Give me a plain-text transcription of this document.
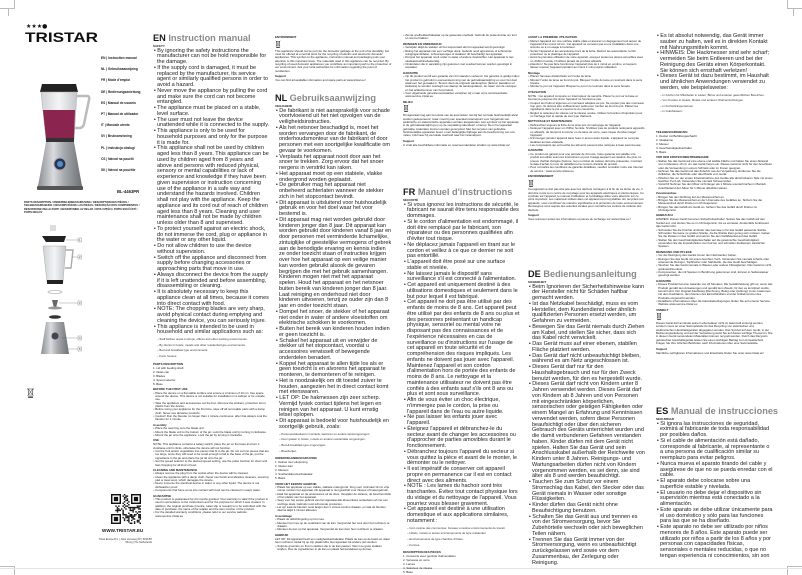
★★★●
TRISTAR
EN | Instruction manual
NL | Gebruiksaanwijzing
FR | Mode d'emploi
DE | Bedienungsanleitung
ES | Manual de usuario
PT | Manual de utilizador
IT | Manuale utente
SV | Bruksanvisning
PL | Instrukcja obsługi
CS | Návod na použití
SK | Návod na použitie
BL-4463PR
PARTS DESCRIPTION / ONDERDELENBESCHRIJVING / DESCRIPTION DES PIÈCES / TEILEBESCHREIBUNG / DESCRIPCIÓN DE LAS PIEZAS / DESCRIÇÃO DOS COMPONENTES / DESCRIZIONE DELLE PARTI / BESKRIVNING AV DELAR / OPIS CZĘŚCI / POPIS SOUČÁSTÍ / POPIS DIELOV
1
2
3
4
5
WWW.TRISTAR.EU
Tristar Europe B.V. | Jules Verneweg 87 | 5015 BH Tilburg | The Netherlands
EN Instruction manual
SAFETY
• By ignoring the safety instructions the manufacturer can not be hold responsible for the damage.
• If the supply cord is damaged, it must be replaced by the manufacturer, its service agent or similarly qualified persons in order to avoid a hazard.
• Never move the appliance by pulling the cord and make sure the cord can not become entangled.
• The appliance must be placed on a stable, level surface.
• The user must not leave the device unattended while it is connected to the supply.
• This appliance is only to be used for household purposes and only for the purpose it is made for.
• This appliance shall not be used by children aged less than 8 years. This appliance can be used by children aged from 8 years and above and persons with reduced physical, sensory or mental capabilities or lack of experience and knowledge if they have been given supervision or instruction concerning use of the appliance in a safe way and understand the hazards involved. Children shall not play with the appliance. Keep the appliance and its cord out of reach of children aged less than 8 years. Cleaning and user maintenance shall not be made by children unless older than 8 and supervised.
• To protect yourself against an electric shock, do not immerse the cord, plug or appliance in the water or any other liquid.
• Do not allow children to use the device without supervision.
• Switch off the appliance and disconnect from supply before changing accessories or approaching parts that move in use.
• Always disconnect the device from the supply if it is left unattended and before assembling, disassembling or cleaning.
• It is absolutely necessary to keep this appliance clean at all times, because it comes into direct contact with food.
• NOTE: The chopping blades are very sharp, avoid physical contact during emptying and cleaning the device, you can seriously injure.
• This appliance is intended to be used in household and similar applications such as:
– Staff kitchen areas in shops, offices and other working environments.
– By clients in hotels, motels and other residential type environments.
– Bed and breakfast type environments.
– Farm houses.
PARTS DESCRIPTION
1. Lid with feeding shaft
2. Glass can
3. Blades
4. Speed selector
5. Base
BEFORE THE FIRST USE
• Place the device on a flat stable surface and ensure a minimum of 10 cm. free space around the device. This device is not suitable for installation in a cabinet or for outside use.
• Take the appliance and accessories out the box. Remove the stickers, protective foil or plastic from the device.
• Before using your appliance for the first time, wipe off all removable parts with a damp cloth. Never use abrasive products.
• Caution! Run the blender no longer than 1 minute continuous, after that always cool the blender for 1 minute.
Assembly
• Place the seal ring onto the blade unit.
• Mount the blade unit to the bottom of the jar. Lock the blade unit by turning it clockwise.
• Mount the jar onto the appliance. Lock the jar by turning it clockwise.
USE
NOTE: This appliance contains a safety switch, place the jar on the base and turn it clockwise until it clicks, otherwise the device will not function.
• Cut the fruit and/or vegetables into pieces that fit in the jar. Do not cut into pieces that are too large, since they will need to be small enough to fall to the base of the jar, put the ingredients in the jar and place the jar lid onto the jar.
• Set the speed selector to the desired speed setting, use the pulse function for short and fast chopping for all kind of food.
CLEANING AND MAINTENANCE
• Always remove the plug from the socket when the device will be cleaned.
• Clean the appliance with a damp cloth. Never use harsh and abrasive cleaners, scouring pad or steel wool, which damages the device.
• Never immerse the electrical device in water or any other liquid. The device is not dishwasher proof.
• Components that have come into contact with food can be cleaned in soapy water.
GUARANTEE
• This product is guaranteed for 24 months granted. Your warranty is valid if the product is used in accordance to the instructions and for the purpose for which it was created. In addition, the original purchase (invoice, sales slip or receipt) is to be submitted with the date of purchase, the name of the retailer and the item number of the product.
• For the detailed warranty conditions, please refer to our service website: www.service.tristar.eu
ENVIRONMENT
This appliance should not be put into the domestic garbage at the end of its durability, but must be offered at a central point for the recycling of electric and electronic domestic appliances. This symbol on the appliance, instruction manual and packaging puts your attention to this important issue. The materials used in this appliance can be recycled. By recycling of used domestic appliances you contribute an important push to the protection of our environment. Ask your local authorities for information regarding the point of recollection.
Support
You can find all available information and spare parts at www.tristar.eu!
NL Gebruiksaanwijzing
VEILIGHEID
• De fabrikant is niet aansprakelijk voor schade voortvloeiend uit het niet opvolgen van de veiligheidsinstructies.
• Als het netsnoer beschadigd is, moet het worden vervangen door de fabrikant, de onderhoudsmonteur van de fabrikant of door personen met een soortgelijke kwalificatie om gevaar te voorkomen.
• Verplaats het apparaat nooit door aan het snoer te trekken. Zorg ervoor dat het snoer nergens in verstrikt kan raken.
• Het apparaat moet op een stabiele, vlakke ondergrond worden geplaatst.
• De gebruiker mag het apparaat niet onbeheerd achterlaten wanneer de stekker zich in het stopcontact bevindt.
• Dit apparaat is uitsluitend voor huishoudelijk gebruik en voor het doel waar het voor bestemd is.
• Dit apparaat mag niet worden gebruikt door kinderen jonger dan 8 jaar. Dit apparaat kan worden gebruikt door kinderen vanaf 8 jaar en door personen met verminderde lichamelijke, zintuiglijke of geestelijke vermogens of gebrek aan de benodigde ervaring en kennis indien ze onder toezicht staan of instructies krijgen over hoe het apparaat op een veilige manier kan worden gebruikt alsook de gevaren begrijpen die met het gebruik samenhangen. Kinderen mogen niet met het apparaat spelen. Houd het apparaat en het netsnoer buiten bereik van kinderen jonger dan 8 jaar. Laat reiniging en onderhoud niet door kinderen uitvoeren, tenzij ze ouder zijn dan 8 jaar en onder toezicht staan.
• Dompel het snoer, de stekker of het apparaat niet onder in water of andere vloeistoffen om elektrische schokken te voorkomen.
• Buiten het bereik van kinderen houden indien er geen toezicht is.
• Schakel het apparaat uit en verwijder de stekker uit het stopcontact, voordat u accessoires verwisselt of bewegende onderdelen benadert.
• Koppel het apparaat te allen tijde los als er geen toezicht is en alvorens het apparaat te monteren, te demonteren of te reinigen.
• Het is noodzakelijk om dit toestel zuiver te houden, aangezien het in direct contact komt met etenswaren.
• LET OP: De hakmessen zijn zeer scherp. Vermijd fysiek contact tijdens het legen en reinigen van het apparaat. U kunt ernstig letsel oplopen.
• Dit apparaat is bedoeld voor huishoudelijk en soortgelijk gebruik, zoals:
– Personeelskeukens in winkels, kantoren en andere werkomgevingen.
– Door gasten in hotels, motels en andere residentiële omgevingen.
– Bed-&-breakfast-type omgevingen.
– Boerderijen.
ONDERDELENBESCHRIJVING
1. Deksel met vulopening
2. Glazen kan
3. Messen
4. Snelheidskeuzeschakelaar
5. Basis
VOOR HET EERSTE GEBRUIK
• Plaats het apparaat op een vlakke, stabiele ondergrond. Zorg voor minimaal 10 cm vrije ruimte rondom het apparaat. Dit apparaat is niet geschikt voor inbouw of buitengebruik.
• Haal het apparaat en de accessoires uit de doos. Verwijder de stickers, de beschermfolie of het plastic van het apparaat.
• Veeg voor het eerste gebruik van het apparaat alle afneembare onderdelen af met een vochtige doek. Gebruik nooit schurende producten.
• Let op! Laat de blender nooit langer dan 1 minuut continu draaien, en laat de blender daarna altijd 1 minuut afkoelen.
Assemblage
• Plaats de afdichtingsring op het mes.
• Monteer het mes op de onderkant van de kan. Vergrendel het mes door het rechtsom te draaien.
• Monteer de kan op het apparaat. Vergrendel de kan door hem rechtsom te draaien.
GEBRUIK
LET OP: Dit apparaat heeft een veiligheidsschakelaar. Plaats de kan op de basis en draai hem rechtsom totdat hij op zijn plaats klikt. Het apparaat zal anders niet werken.
• Snijd de groenten en fruit in stukken die in de kan passen. Niet in te grote stukken snijden. Doe de ingrediënten in de kan en plaats het kandeksel op de kan.
• Zet de snelheidsschakelaar op de gewenste snelheid. Gebruik de pulse-functie om kort en snel te hakken.
REINIGEN EN ONDERHOUD
• Verwijder altijd de stekker uit het stopcontact als het apparaat wordt gereinigd.
• Reinig het apparaat met een vochtige doek. Gebruik nooit agressieve of schurende reinigingsmiddelen, schuursponsjes of staalwol; dit beschadigt het apparaat.
• Dompel het apparaat nooit onder in water of andere vloeistoffen. Het apparaat is niet vaatwasmachinebestendig.
• Onderdelen die in aanraking zijn gekomen met voedsel kunnen worden gereinigd in sopwater.
GARANTIE
• Op dit product wordt een garantie van 24 maanden verleend. Uw garantie is geldig indien het product is gebruikt in overeenstemming met de gebruiksaanwijzing en voor het doel waarvoor het gemaakt is. Tevens dient de originele aankoopbon (factuur, kassabon of kwitantie) te worden overlegd met daarop de aankoopdatum, de naam van de verkoper en het artikelnummer van het product.
• Voor uitgebreide garantievoorwaarden verwijzen wij u naar onze servicewebsite: www.service.tristar.eu
MILIEU
Dit apparaat mag aan het einde van de levensduur niet bij het normale huishoudelijk afval worden gedeponeerd, maar moet bij een speciaal inzamelpunt voor hergebruik van elektrische en elektronische apparaten worden aangeboden. Het symbool op het apparaat, in de gebruiksaanwijzing en op de verpakking attendeert u hierop. De in het apparaat gebruikte materialen kunnen worden gerecycled. Met het recyclen van gebruikte huishoudelijke apparaten levert u een belangrijke bijdrage aan de bescherming van ons milieu. Informeer bij uw lokale overheid naar het inzamelpunt.
Support
U vindt alle beschikbare informatie en reserveonderdelen stratiën op www.tristar.eu!
FR Manuel d'instructions
SÉCURITÉ
• Si vous ignorez les instructions de sécurité, le fabricant ne saurait être tenu responsable des dommages.
• Si le cordon d'alimentation est endommagé, il doit être remplacé par le fabricant, son réparateur ou des personnes qualifiées afin d'éviter tout risque.
• Ne déplacez jamais l'appareil en tirant sur le cordon et veillez à ce que ce dernier ne soit pas entortillé.
• L'appareil doit être posé sur une surface stable et nivelée.
• Ne laissez jamais le dispositif sans surveillance s'il est connecté à l'alimentation.
• Cet appareil est uniquement destiné à des utilisations domestiques et seulement dans le but pour lequel il est fabriqué.
• Cet appareil ne doit pas être utilisé par des enfants de moins de 8 ans. Cet appareil peut être utilisé par des enfants de 8 ans ou plus et des personnes présentant un handicap physique, sensoriel ou mental voire ne disposant pas des connaissances et de l'expérience nécessaires en cas de surveillance ou d'instructions sur l'usage de cet appareil en toute sécurité et de compréhension des risques impliqués. Les enfants ne doivent pas jouer avec l'appareil. Maintenez l'appareil et son cordon d'alimentation hors de portée des enfants de moins de 8 ans. Le nettoyage et la maintenance utilisateur ne doivent pas être confiés à des enfants sauf s'ils ont 8 ans ou plus et sont sous surveillance.
• Afin de vous éviter un choc électrique, n'immergez pas le cordon, la prise ou l'appareil dans de l'eau ou autre liquide.
• Ne pas laisser les enfants jouer avec l'appareil.
• Éteignez l'appareil et débranchez-le du secteur avant de changer les accessoires ou d'approcher de parties amovibles durant le fonctionnement.
• Débranchez toujours l'appareil du secteur si vous quittez la pièce et avant de le monter, le démonter ou le nettoyer.
• Il est impératif de conserver cet appareil propre en permanence car il est en contact direct avec des aliments.
• NOTE : Les lames du hachoir sont très tranchantes. Évitez tout contact physique lors du vidage et du nettoyage de l'appareil. Vous pourriez vous blesser gravement.
• Cet appareil est destiné à une utilisation domestique et aux applications similaires, notamment :
– Coin cuisine des commerces, bureaux et autres environnements de travail.
– Hôtels, motels et autres environnements de type résidentiel.
– Environnements de type chambre d'hôtes.
– Fermes.
DESCRIPTION DES PIÈCES
1. Couvercle avec goulotte d'alimentation
2. Verseuse en verre
3. Lames
4. Sélecteur de vitesse
5. Base
AVANT LA PREMIÈRE UTILISATION
• Mettez l'appareil sur une surface stable plate et assurez un dégagement tout autour de l'appareil d'au moins 10 cm. Cet appareil ne convient pas à une installation dans une armoire ou à un usage à l'extérieur.
• Sortez l'appareil et les accessoires hors de la boîte. Retirez les autocollants, le film protecteur ou le plastique de l'appareil.
• Avant la première utilisation de votre appareil, essuyez toutes les pièces amovibles avec un chiffon humide. N'utilisez jamais de produits abrasifs.
• Attention ! Ne pas faire fonctionner l'appareil plus de 1 minut en continu, et toujours laisser reposer l'appareil pendant au moins 1 minut après utilisation.
Montage
• Placez l'anneau d'étanchéité sur l'unité de lame.
• Montez l'unité de lame au fond du pot. Bloquez l'unité de lame en tournant dans le sens horaire.
• Montez le pot sur l'appareil. Bloquez le pot en le tournant dans le sens horaire.
UTILISATION
NOTE : Cet appareil comporte un interrupteur de sécurité. Placez le pot sur la base et tournez-le jusqu'au clic sinon l'appareil ne fonctionne pas.
• Coupez les fruits et légumes en morceaux adaptés au pot. Ne coupez pas des morceaux trop gros. Ils doivent être suffisamment petits pour tomber au fond du pot. Placez les ingrédients dans le pot et couvrez-le du couvercle.
• Réglez le sélecteur de vitesse sur la vitesse voulue. Utilisez la fonction d'impulsion pour un hachage bref et rapide de tout type d'aliment.
NETTOYAGE ET MAINTENANCE
• Débranchez toujours la fiche de la prise lors du nettoyage de l'appareil.
• Nettoyez l'appareil avec un chiffon humide. N'utilisez pas de produits nettoyants agressifs ou abrasifs, de tampons à récurer ou de laine de verre, sous risque d'endommager l'appareil.
• N'immergez jamais l'appareil dans l'eau ni aucun autre liquide. L'appareil ne sont pas lavables au lave-vaisselle.
• Les composants qui ont touché les aliments peuvent être nettoyés à l'eau savonneuse.
GARANTIE
• Ce produit est garanti pour une période de 24 mois. Votre garantie est valable si le produit est utilisé selon les instructions et pour l'usage auquel il est destiné. De plus, la preuve d'achat d'origine (facture, reçu ou ticket de caisse) doit être présentée, montrant la date d'achat, le nom du détaillant et le numéro d'article du produit.
• Pour connaître les conditions de garantie détaillées, veuillez consulter notre site Internet de service : www.service.tristar.eu
ENVIRONNEMENT
Cet appareil ne doit pas être jeté avec les déchets ménagers à la fin de sa durée de vie, il doit être remis à un centre de recyclage pour les appareils électriques et électroniques. Ce symbole sur l'appareil, le manuel d'utilisation et l'emballage attire votre attention sur ce point important. Les matériaux utilisés dans cet appareil sont recyclables. En recyclant vos appareils, vous contribuez de manière significative à la protection de notre environnement. Renseignez-vous auprès des autorités locales pour connaître les centres de collecte des déchets.
Support
Vous retrouver toutes les informations et pièces de rechange sur www.tristar.eu !
DE Bedienungsanleitung
SICHERHEIT
• Beim Ignorieren der Sicherheitshinweise kann der Hersteller nicht für Schäden haftbar gemacht werden.
• Ist das Netzkabel beschädigt, muss es vom Hersteller, dem Kundendienst oder ähnlich qualifizierten Personen ersetzt werden, um Gefahren zu vermeiden.
• Bewegen Sie das Gerät niemals durch Ziehen am Kabel, und stellen Sie sicher, dass sich das Kabel nicht verwickelt.
• Das Gerät muss auf einer ebenen, stabilen Fläche platziert werden.
• Das Gerät darf nicht unbeaufsichtigt bleiben, während es am Netz angeschlossen ist.
• Dieses Gerät darf nur für den Haushaltsgebrauch und nur für den Zweck benutzt werden, für den es hergestellt wurde.
• Dieses Gerät darf nicht von Kindern unter 8 Jahren verwendet werden. Dieses Gerät darf von Kindern ab 8 Jahren und von Personen mit eingeschränkten körperlichen, sensorischen oder geistigen Fähigkeiten oder einem Mangel an Erfahrung und Kenntnissen verwendet werden, sofern diese Personen beaufsichtigt oder über den sicheren Gebrauch des Geräts unterrichtet wurden und die damit verbundenen Gefahren verstanden haben. Kinder dürfen mit dem Gerät nicht spielen. Halten Sie das Gerät und sein Anschlusskabel außerhalb der Reichweite von Kindern unter 8 Jahren. Reinigungs- und Wartungsarbeiten dürfen nicht von Kindern vorgenommen werden, es sei denn, sie sind älter als 8 und werden beaufsichtigt.
• Tauchen Sie zum Schutz vor einem Stromschlag das Kabel, den Stecker oder das Gerät niemals in Wasser oder sonstige Flüssigkeiten.
• Kinder dürfen das Gerät nicht ohne Beaufsichtigung benutzen.
• Schalten Sie das Gerät aus und trennen es von der Stromversorgung, bevor Sie Zubehörteile wechseln oder sich beweglichen Teilen nähern.
• Trennen Sie das Gerät immer von der Stromversorgung, wenn es unbeaufsichtigt zurückgelassen wird sowie vor dem Zusammenbau, der Zerlegung oder Reinigung.
• Es ist absolut notwendig, das Gerät immer sauber zu halten, weil es in direkten Kontakt mit Nahrungsmitteln kommt.
• HINWEIS: Die Hackmesser sind sehr scharf; vermeiden Sie beim Entleeren und bei der Reinigung des Geräts einen Körperkontakt. Sie können sich ernsthaft verletzen!
• Dieses Gerät ist dazu bestimmt, im Haushalt und ähnlichen Anwendungen verwendet zu werden, wie beispielsweise:
– In Küchen für Mitarbeiter in Läden, Büros und anderen gewerblichen Bereichen.
– Von Kunden in Hotels, Motels und anderen Wohneinrichtungen.
– In Frühstückspensionen.
– In Gutshäusern.
TEILEBESCHREIBUNG
1. Deckel mit Befüllungsschacht
2. Glaskanne
3. Messer
4. Geschwindigkeitsschalter
5. Basis
VOR DER ERSTEN INBETRIEBNAHME
• Stellen Sie das Gerät auf eine ebene und stabile Fläche und halten Sie einen Abstand von mindestens 10 cm um das Gerät herum ein. Dieses Gerät ist nicht für den Anschluss oder die Verwendung in einem Schrank oder im Freien geeignet.
• Nehmen Sie das Gerät und das Zubehör aus der Verpackung. Entfernen Sie die Aufkleber, die Schutzfolie oder das Plastik vom Gerät.
• Wischen Sie vor der ersten Inbetriebnahme des Geräts alle abnehmbaren Teile mit einem feuchten Tuch ab. Verwenden Sie niemals Scheuermittel.
• Vorsicht! Nehmen Sie den Mixer nicht länger als 1 Minute ununterbrochen in Betrieb. Anschließend den Mixer für 1 Minute abkühlen lassen.
Zusammenbau
• Bringen Sie den Dichtring auf der Messereinheit an.
• Bringen Sie die Messereinheit an der Unterseite des Gefäßes an. Sichern Sie die Messereinheit durch Drehen im Uhrzeigersinn.
• Bringen Sie das Gefäß am Gerät an. Sichern Sie das Gefäß durch Drehen im Uhrzeigersinn.
GEBRAUCH
HINWEIS: Dieses Gerät hat einen Sicherheitsschalter. Setzen Sie das Gefäß auf den Sockel auf, und drehen Sie es im Uhrzeigersinn, bis es einrastet. Andernfalls funktioniert das Gerät nicht.
• Schneiden Sie die Früchte und/oder das Gemüse in für das Gefäß passende Stücke. Schneiden Sie keine zu großen Stücke, da die Stücke klein genug sein müssen. Geben Sie die Zutaten in das Gefäß und setzen Sie den Gefäßdeckel auf das Gefäß.
• Stellen Sie den Geschwindigkeitsschalter auf die gewünschte Geschwindigkeit; verwenden Sie die Impulsfunktion zum kurzen und schnellen Zerkleinern sämtlicher Speisen.
REINIGUNG UND PFLEGE
• Vor der Reinigung des Geräts immer den Netzstecker ziehen.
• Reinigen Sie das Gerät mit einem feuchten Tuch. Verwenden Sie niemals scharfe oder scheuernde Reiniger, Topfkratzer oder Stahlwolle, die das Gerät beschädigen.
• Tauchen Sie das Gerät niemals in Wasser oder andere Flüssigkeiten. Das Gerät ist nicht spülmaschinenfest.
• Komponenten, die mit Speisen in Berührung gekommen sind, können in Seifenwasser gereinigt werden.
GARANTIE
• Dieses Produkt hat eine Garantie von 24 Monaten. Die Gewährleistung gilt nur, wenn das Produkt gemäß den Anweisungen und gemäß dem Zweck, für den es konzipiert wurde, benutzt wird. Der Original-Kaufbeleg (Rechnung, Beleg oder Quittung) muss zusammen mit dem Kaufdatum, dem Namen des Einzelhändlers und der Artikelnummer des Produkts eingereicht werden.
• Detaillierte Informationen über die Garantiebedingungen finden Sie auf unserer Service-Website www.service.tristar.eu
UMWELT
Dieses Gerät darf am Ende seiner Lebensdauer nicht im Hausmüll entsorgt werden, sondern muss an einer Sammelstelle für das Recycling von elektrischen und elektronischen Haushaltsgeräten abgegeben werden. Das Symbol auf dem Gerät, in der Bedienungsanleitung und auf der Verpackung weist Sie auf dieses wichtige Thema hin. Die in diesem Gerät verwendeten Materialien können recycelt werden. Durch das Recyceln gebrauchter Haushaltsgeräte leisten Sie einen wichtigen Beitrag zum Umweltschutz. Fragen Sie Ihre örtlichen Behörden nach Informationen über eine Sammelstelle.
Support
Sämtliche verfügbaren Informationen und Ersatzteile finden Sie unter www.tristar.eu!
ES Manual de instrucciones
SEGURIDAD
• Si ignora las instrucciones de seguridad, eximirá al fabricante de toda responsabilidad por posibles daños.
• Si el cable de alimentación está dañado, corresponde al fabricante, al representante o a una persona de cualificación similar su reemplazo para evitar peligros.
• Nunca mueva el aparato tirando del cable y asegúrese de que no se pueda enredar con el cable.
• El aparato debe colocarse sobre una superficie estable y nivelada.
• El usuario no debe dejar el dispositivo sin supervisión mientras está conectado a la alimentación.
• Este aparato se debe utilizar únicamente para el uso doméstico y sólo para las funciones para las que se ha diseñado.
• Este aparato no debe ser utilizado por niños menores de 8 años. Este aparato puede ser utilizado por niños a partir de los 8 años y por personas con capacidades físicas, sensoriales o mentales reducidas, o que no tengan experiencia ni conocimientos, sin son
